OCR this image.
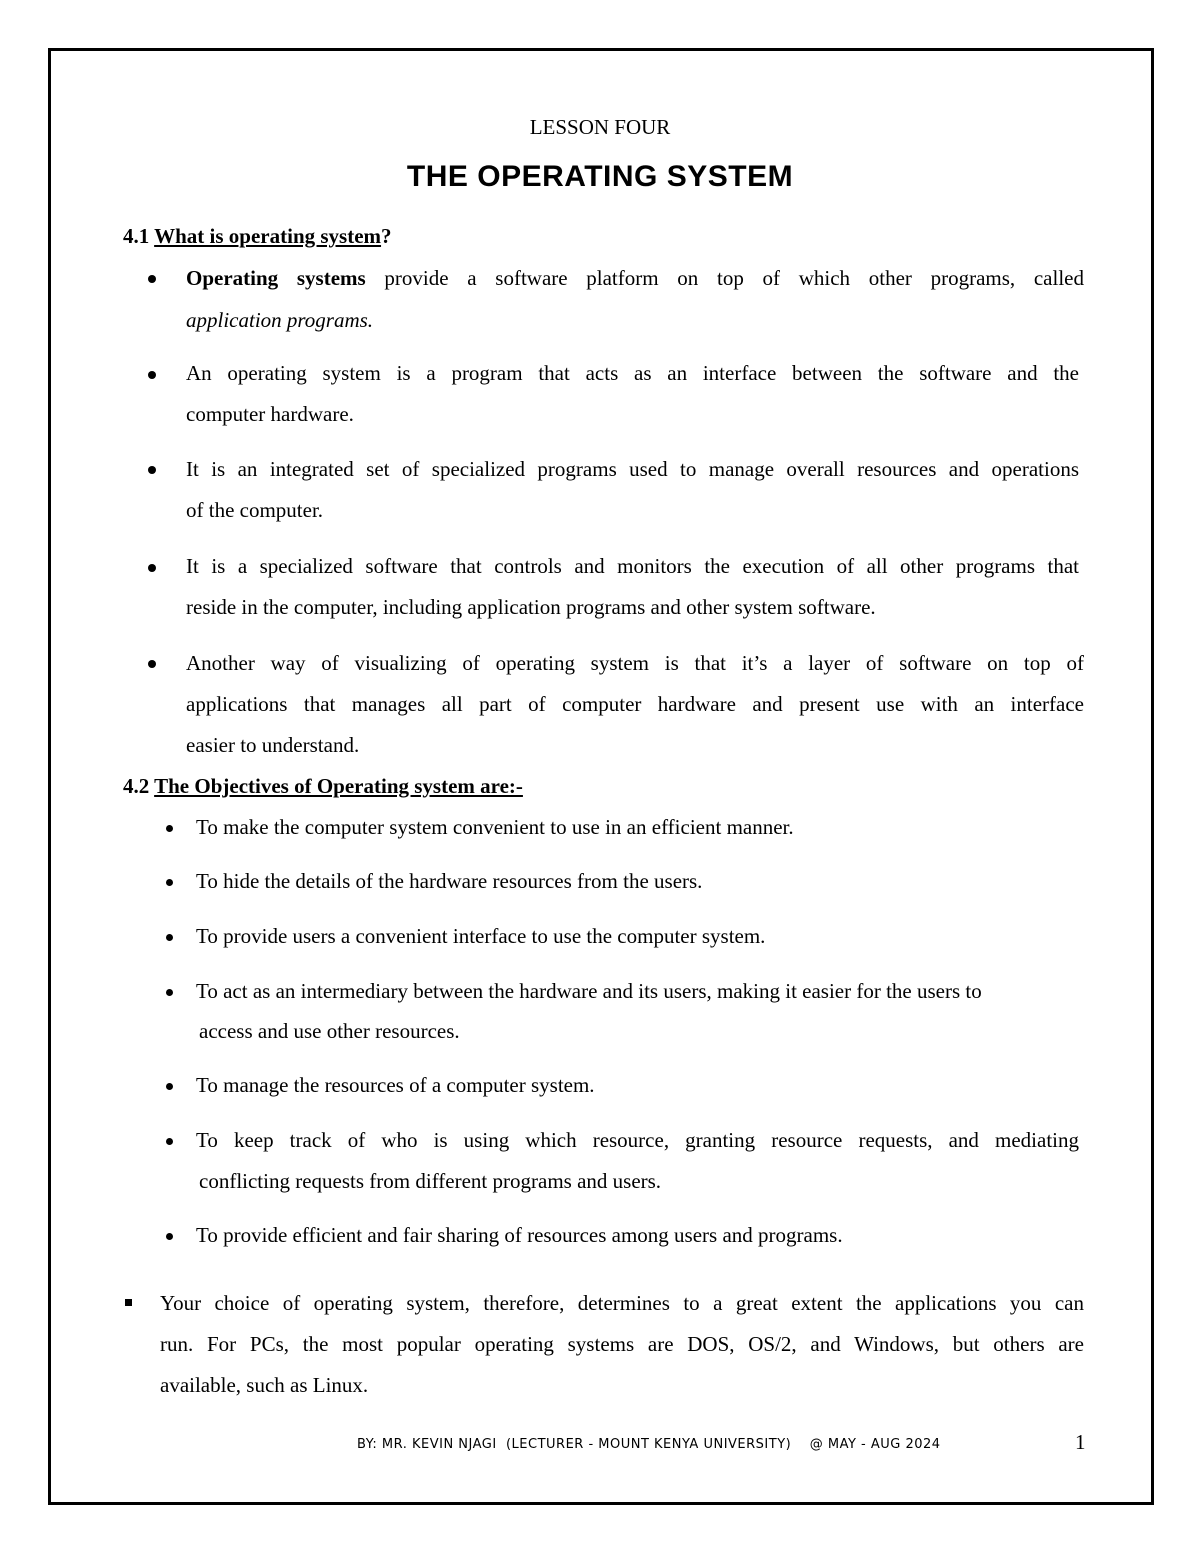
LESSON FOUR
THE OPERATING SYSTEM
4.1 What is operating system?
Operating systems provide a software platform on top of which other programs, called
application programs.
An operating system is a program that acts as an interface between the software and the
computer hardware.
It is an integrated set of specialized programs used to manage overall resources and operations
of the computer.
It is a specialized software that controls and monitors the execution of all other programs that
reside in the computer, including application programs and other system software.
Another way of visualizing of operating system is that it’s a layer of software on top of
applications that manages all part of computer hardware and present use with an interface
easier to understand.
4.2 The Objectives of Operating system are:-
To make the computer system convenient to use in an efficient manner.
To hide the details of the hardware resources from the users.
To provide users a convenient interface to use the computer system.
To act as an intermediary between the hardware and its users, making it easier for the users to
access and use other resources.
To manage the resources of a computer system.
To keep track of who is using which resource, granting resource requests, and mediating
conflicting requests from different programs and users.
To provide efficient and fair sharing of resources among users and programs.
Your choice of operating system, therefore, determines to a great extent the applications you can
run. For PCs, the most popular operating systems are DOS, OS/2, and Windows, but others are
available, such as Linux.
BY: MR. KEVIN NJAGI  (LECTURER - MOUNT KENYA UNIVERSITY)    @ MAY - AUG 2024	1
